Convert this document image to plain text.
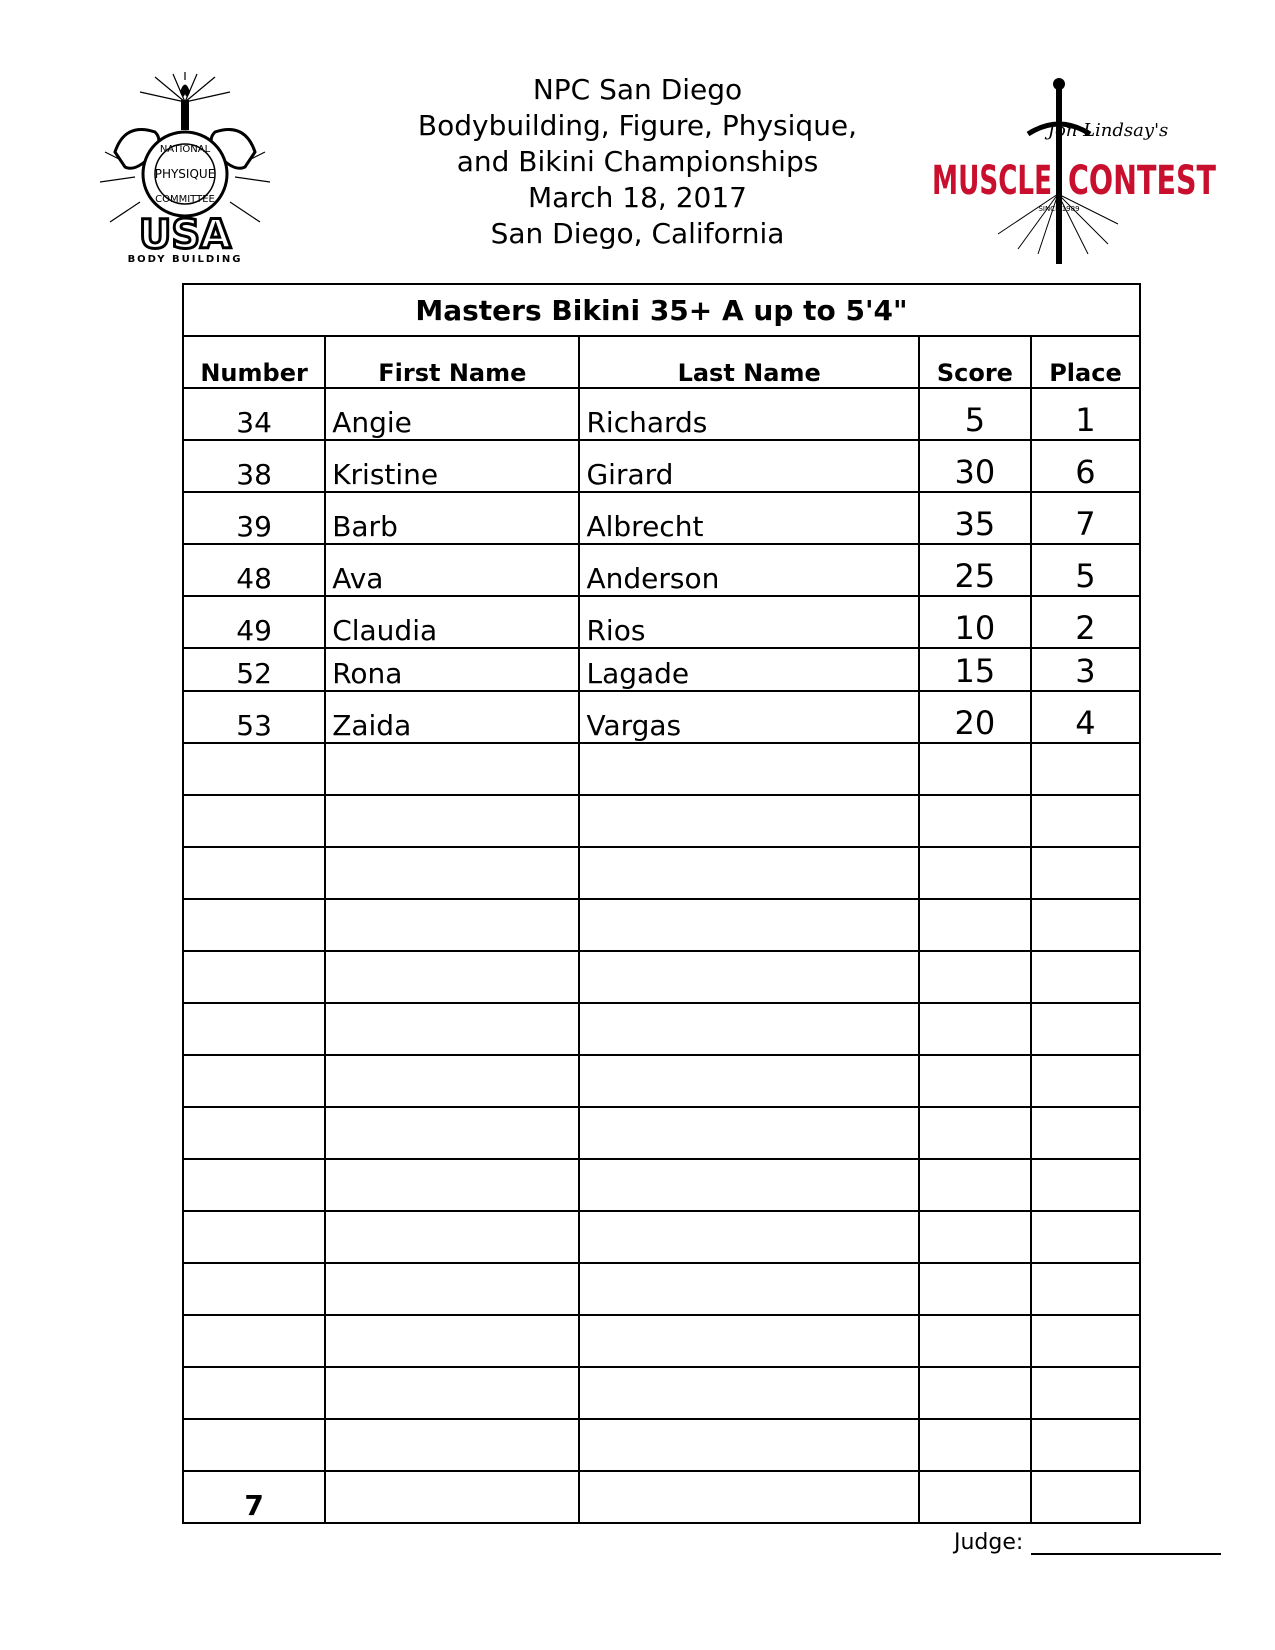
NATIONAL
PHYSIQUE
COMMITTEE
USA
BODY BUILDING
Jon Lindsay's
MUSCLE CONTEST
SINCE 1989
NPC San Diego
Bodybuilding, Figure, Physique,
and Bikini Championships
March 18, 2017
San Diego, California
Masters Bikini 35+ A up to 5'4"				
Number	First Name	Last Name	Score	Place
34	Angie	Richards	5	1
38	Kristine	Girard	30	6
39	Barb	Albrecht	35	7
48	Ava	Anderson	25	5
49	Claudia	Rios	10	2
52	Rona	Lagade	15	3
53	Zaida	Vargas	20	4

7				
Judge:
